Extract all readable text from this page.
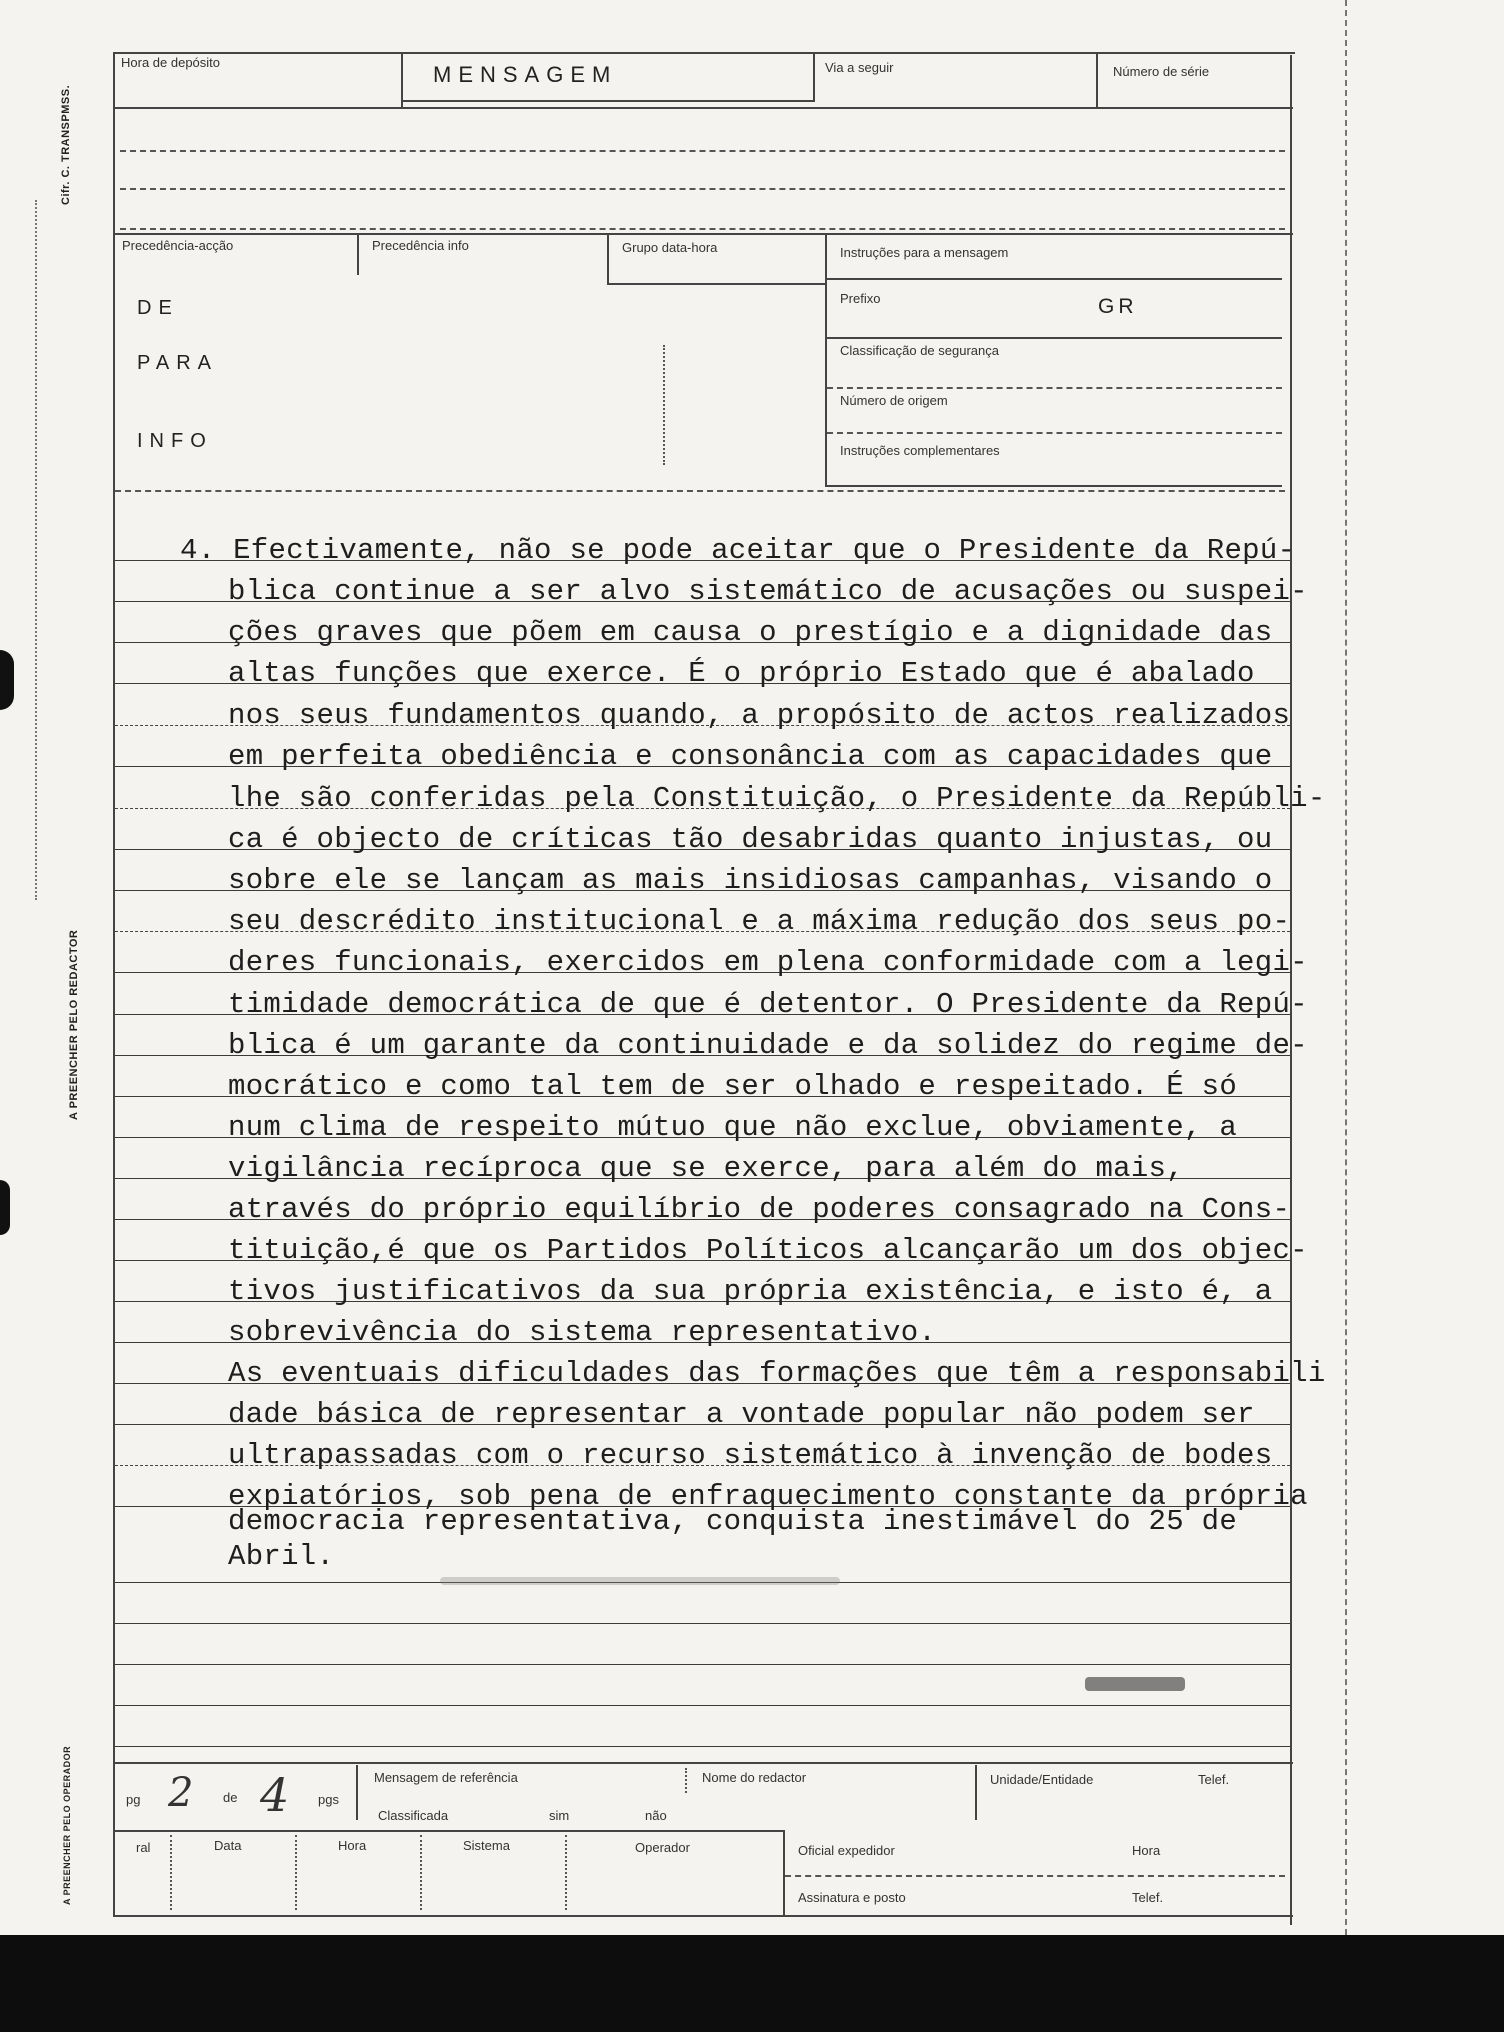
Cifr. C. TRANSPMSS.
A PREENCHER PELO REDACTOR
A PREENCHER PELO OPERADOR
Hora de depósito	MENSAGEM	Via a seguir	Número de série
Precedência-acção	Precedência info	Grupo data-hora	Instruções para a mensagem
Prefixo	GR
Classificação de segurança
Número de origem
Instruções complementares
DE
PARA
INFO
4. Efectivamente, não se pode aceitar que o Presidente da Repú-
blica continue a ser alvo sistemático de acusações ou suspei-
ções graves que põem em causa o prestígio e a dignidade das
altas funções que exerce. É o próprio Estado que é abalado
nos seus fundamentos quando, a propósito de actos realizados
em perfeita obediência e consonância com as capacidades que
lhe são conferidas pela Constituição, o Presidente da Repúbli-
ca é objecto de críticas tão desabridas quanto injustas, ou
sobre ele se lançam as mais insidiosas campanhas, visando o
seu descrédito institucional e a máxima redução dos seus po-
deres funcionais, exercidos em plena conformidade com a legi-
timidade democrática de que é detentor. O Presidente da Repú-
blica é um garante da continuidade e da solidez do regime de-
mocrático e como tal tem de ser olhado e respeitado. É só
num clima de respeito mútuo que não exclue, obviamente, a
vigilância recíproca que se exerce, para além do mais,
através do próprio equilíbrio de poderes consagrado na Cons-
tituição,é que os Partidos Políticos alcançarão um dos objec-
tivos justificativos da sua própria existência, e isto é, a
sobrevivência do sistema representativo.
As eventuais dificuldades das formações que têm a responsabili
dade básica de representar a vontade popular não podem ser
ultrapassadas com o recurso sistemático à invenção de bodes
expiatórios, sob pena de enfraquecimento constante da própria
democracia representativa, conquista inestimável do 25 de
Abril.
pg 2 de 4 pgs
Mensagem de referência
Classificada	sim	não
Nome do redactor	Unidade/Entidade	Telef.
ral	Data	Hora	Sistema	Operador	Oficial expedidor	Hora
Assinatura e posto	Telef.
